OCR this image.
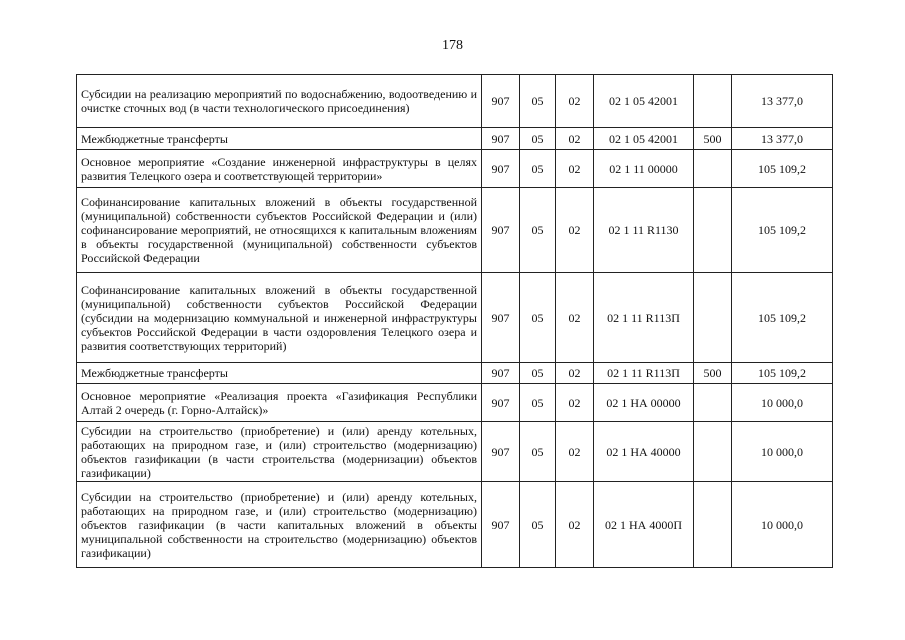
178
Субсидии на реализацию мероприятий по водоснабжению, водоотведению и очистке сточных вод (в части технологического присоединения)	907	05	02	02 1 05 42001		13 377,0
Межбюджетные трансферты	907	05	02	02 1 05 42001	500	13 377,0
Основное мероприятие «Создание инженерной инфраструктуры в целях развития Телецкого озера и соответствующей территории»	907	05	02	02 1 11 00000		105 109,2
Софинансирование капитальных вложений в объекты государственной (муниципальной) собственности субъектов Российской Федерации и (или) софинансирование мероприятий, не относящихся к капитальным вложениям в объекты государственной (муниципальной) собственности субъектов Российской Федерации	907	05	02	02 1 11 R1130		105 109,2
Софинансирование капитальных вложений в объекты государственной (муниципальной) собственности субъектов Российской Федерации (субсидии на модернизацию коммунальной и инженерной инфраструктуры субъектов Российской Федерации в части оздоровления Телецкого озера и развития соответствующих территорий)	907	05	02	02 1 11 R113П		105 109,2
Межбюджетные трансферты	907	05	02	02 1 11 R113П	500	105 109,2
Основное мероприятие «Реализация проекта «Газификация Республики Алтай 2 очередь (г. Горно-Алтайск)»	907	05	02	02 1 НА 00000		10 000,0
Субсидии на строительство (приобретение) и (или) аренду котельных, работающих на природном газе, и (или) строительство (модернизацию) объектов газификации (в части строительства (модернизации) объектов газификации)	907	05	02	02 1 НА 40000		10 000,0
Субсидии на строительство (приобретение) и (или) аренду котельных, работающих на природном газе, и (или) строительство (модернизацию) объектов газификации (в части капитальных вложений в объекты муниципальной собственности на строительство (модернизацию) объектов газификации)	907	05	02	02 1 НА 4000П		10 000,0
